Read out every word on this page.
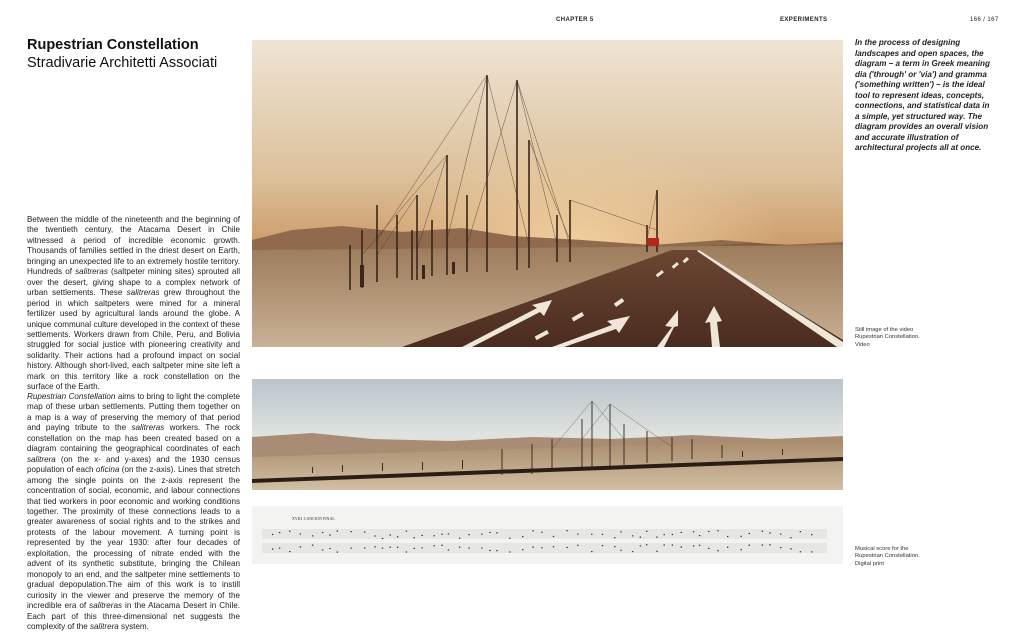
CHAPTER 5	EXPERIMENTS	166 / 167
Rupestrian Constellation
Stradivarie Architetti Associati

Between the middle of the nineteenth and the beginning of the twentieth century, the Atacama Desert in Chile witnessed a period of incredible economic growth. Thousands of families settled in the driest desert on Earth, bringing an unexpected life to an extremely hostile territory. Hundreds of salitreras (saltpeter mining sites) sprouted all over the desert, giving shape to a complex network of urban settlements. These salitreras grew throughout the period in which saltpeters were mined for a mineral fertilizer used by agricultural lands around the globe. A unique communal culture developed in the context of these settlements. Workers drawn from Chile, Peru, and Bolivia struggled for social justice with pioneering creativity and solidarity. Their actions had a profound impact on social history. Although short-lived, each saltpeter mine site left a mark on this territory like a rock constellation on the surface of the Earth.

Rupestrian Constellation aims to bring to light the complete map of these urban settlements. Putting them together on a map is a way of preserving the memory of that period and paying tribute to the salitreras workers. The rock constellation on the map has been created based on a diagram containing the geographical coordinates of each salitrera (on the x- and y-axes) and the 1930 census population of each oficina (on the z-axis). Lines that stretch among the single points on the z-axis represent the concentration of social, economic, and labour connections that tied workers in poor economic and working conditions together. The proximity of these connections leads to a greater awareness of social rights and to the strikes and protests of the labour movement. A turning point is represented by the year 1930: after four decades of exploitation, the processing of nitrate ended with the advent of its synthetic substitute, bringing the Chilean monopoly to an end, and the saltpeter mine settlements to gradual depopulation.The aim of this work is to instill curiosity in the viewer and preserve the memory of the incredible era of salitreras in the Atacama Desert in Chile. Each part of this three-dimensional net suggests the complexity of the salitrera system.

XVIII. CANCION FINAL
In the process of designing landscapes and open spaces, the diagram – a term in Greek meaning dia ('through' or 'via') and gramma ('something written') – is the ideal tool to represent ideas, concepts, connections, and statistical data in a simple, yet structured way. The diagram provides an overall vision and accurate illustration of architectural projects all at once.
Still image of the video
Rupestrian Constellation.
Video
Musical score for the
Rupestrian Constellation.
Digital print
